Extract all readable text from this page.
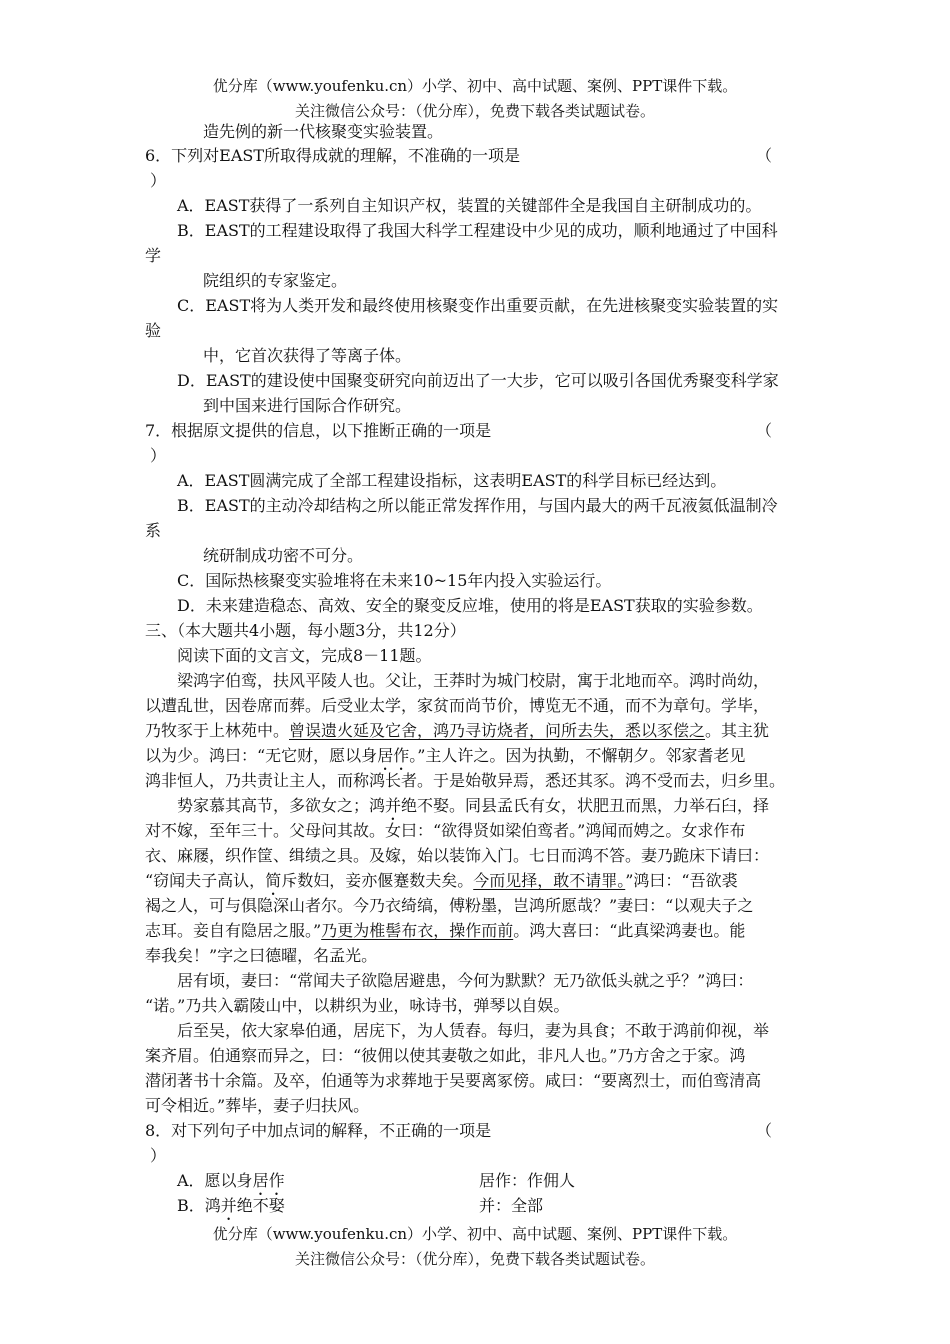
优分库（www.youfenku.cn）小学、初中、高中试题、案例、PPT课件下载。
关注微信公众号：（优分库），免费下载各类试题试卷。
造先例的新一代核聚变实验装置。
6．下列对EAST所取得成就的理解，不准确的一项是	（
）
A．EAST获得了一系列自主知识产权，装置的关键部件全是我国自主研制成功的。
B．EAST的工程建设取得了我国大科学工程建设中少见的成功，顺利地通过了中国科
学
院组织的专家鉴定。
C．EAST将为人类开发和最终使用核聚变作出重要贡献，在先进核聚变实验装置的实
验
中，它首次获得了等离子体。
D．EAST的建设使中国聚变研究向前迈出了一大步，它可以吸引各国优秀聚变科学家
到中国来进行国际合作研究。
7．根据原文提供的信息，以下推断正确的一项是	（
）
A．EAST圆满完成了全部工程建设指标，这表明EAST的科学目标已经达到。
B．EAST的主动冷却结构之所以能正常发挥作用，与国内最大的两千瓦液氦低温制冷
系
统研制成功密不可分。
C．国际热核聚变实验堆将在未来10~15年内投入实验运行。
D．未来建造稳态、高效、安全的聚变反应堆，使用的将是EAST获取的实验参数。
三、（本大题共4小题，每小题3分，共12分）
阅读下面的文言文，完成8－11题。
梁鸿字伯鸾，扶风平陵人也。父让，王莽时为城门校尉，寓于北地而卒。鸿时尚幼，
以遭乱世，因卷席而葬。后受业太学，家贫而尚节价，博览无不通，而不为章句。学毕，
乃牧豕于上林苑中。曾误遗火延及它舍，鸿乃寻访烧者，问所去失，悉以豕偿之。其主犹
以为少。鸿曰：“无它财，愿以身居作。”主人许之。因为执勤，不懈朝夕。邻家耆老见
鸿非恒人，乃共责让主人，而称鸿长者。于是始敬异焉，悉还其豕。鸿不受而去，归乡里。
势家慕其高节，多欲女之；鸿并绝不娶。同县孟氏有女，状肥丑而黑，力举石臼，择
对不嫁，至年三十。父母问其故。女曰：“欲得贤如梁伯鸾者。”鸿闻而娉之。女求作布
衣、麻屦，织作筐、缉绩之具。及嫁，始以装饰入门。七日而鸿不答。妻乃跪床下请曰：
“窃闻夫子高认，简斥数妇，妾亦偃蹇数夫矣。今而见择，敢不请罪。”鸿曰：“吾欲裘
褐之人，可与俱隐深山者尔。今乃衣绮缟，傅粉墨，岂鸿所愿哉？”妻曰：“以观夫子之
志耳。妾自有隐居之服。”乃更为椎髻布衣，操作而前。鸿大喜曰：“此真梁鸿妻也。能
奉我矣！”字之曰德曜，名孟光。
居有顷，妻曰：“常闻夫子欲隐居避患，今何为默默？无乃欲低头就之乎？”鸿曰：
“诺。”乃共入霸陵山中，以耕织为业，咏诗书，弹琴以自娱。
后至吴，依大家皋伯通，居庑下，为人赁舂。每归，妻为具食；不敢于鸿前仰视，举
案齐眉。伯通察而异之，曰：“彼佣以使其妻敬之如此，非凡人也。”乃方舍之于家。鸿
潜闭著书十余篇。及卒，伯通等为求葬地于吴要离冢傍。咸曰：“要离烈士，而伯鸾清高
可令相近。”葬毕，妻子归扶风。
8．对下列句子中加点词的解释，不正确的一项是	（
）
A．愿以身居作	居作：作佣人
B．鸿并绝不娶	并：全部
优分库（www.youfenku.cn）小学、初中、高中试题、案例、PPT课件下载。
关注微信公众号：（优分库），免费下载各类试题试卷。
